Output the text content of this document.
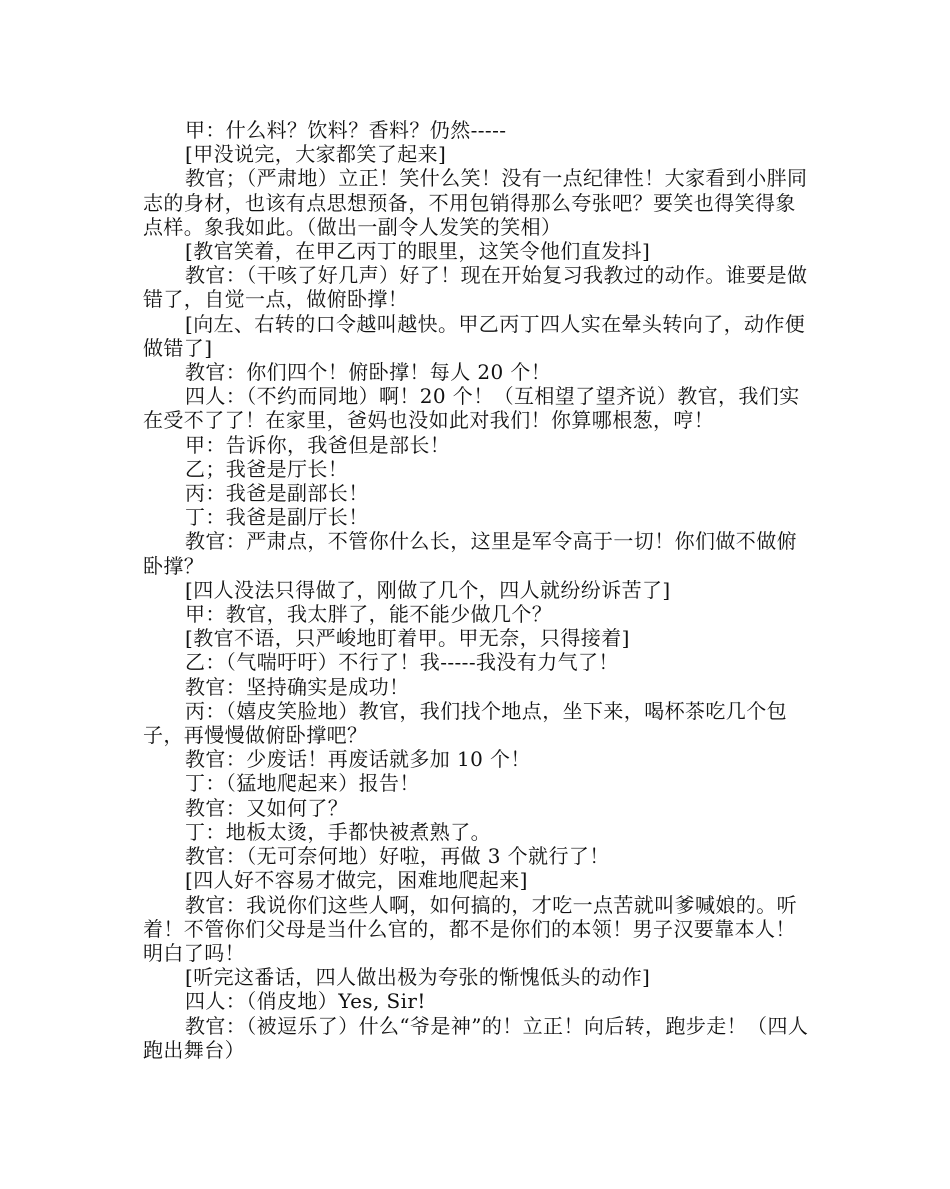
甲：什么料？饮料？香料？仍然-----

[甲没说完，大家都笑了起来]

教官；（严肃地）立正！笑什么笑！没有一点纪律性！大家看到小胖同志的身材，也该有点思想预备，不用包销得那么夸张吧？要笑也得笑得象点样。象我如此。（做出一副令人发笑的笑相）

[教官笑着，在甲乙丙丁的眼里，这笑令他们直发抖]

教官：（干咳了好几声）好了！现在开始复习我教过的动作。谁要是做错了，自觉一点，做俯卧撑！

[向左、右转的口令越叫越快。甲乙丙丁四人实在晕头转向了，动作便做错了]

教官：你们四个！俯卧撑！每人 20 个！

四人：（不约而同地）啊！20 个！（互相望了望齐说）教官，我们实在受不了了！在家里，爸妈也没如此对我们！你算哪根葱，哼！

甲：告诉你，我爸但是部长！

乙；我爸是厅长！

丙：我爸是副部长！

丁：我爸是副厅长！

教官：严肃点，不管你什么长，这里是军令高于一切！你们做不做俯卧撑？

[四人没法只得做了，刚做了几个，四人就纷纷诉苦了]

甲：教官，我太胖了，能不能少做几个？

[教官不语，只严峻地盯着甲。甲无奈，只得接着]

乙：（气喘吁吁）不行了！我-----我没有力气了！

教官：坚持确实是成功！

丙：（嬉皮笑脸地）教官，我们找个地点，坐下来，喝杯茶吃几个包子，再慢慢做俯卧撑吧？

教官：少废话！再废话就多加 10 个！

丁：（猛地爬起来）报告！

教官：又如何了？

丁：地板太烫，手都快被煮熟了。

教官：（无可奈何地）好啦，再做 3 个就行了！

[四人好不容易才做完，困难地爬起来]

教官：我说你们这些人啊，如何搞的，才吃一点苦就叫爹喊娘的。听着！不管你们父母是当什么官的，都不是你们的本领！男子汉要靠本人！明白了吗！

[听完这番话，四人做出极为夸张的惭愧低头的动作]

四人：（俏皮地）Yes, Sir!

教官：（被逗乐了）什么“爷是神”的！立正！向后转，跑步走！（四人跑出舞台）
